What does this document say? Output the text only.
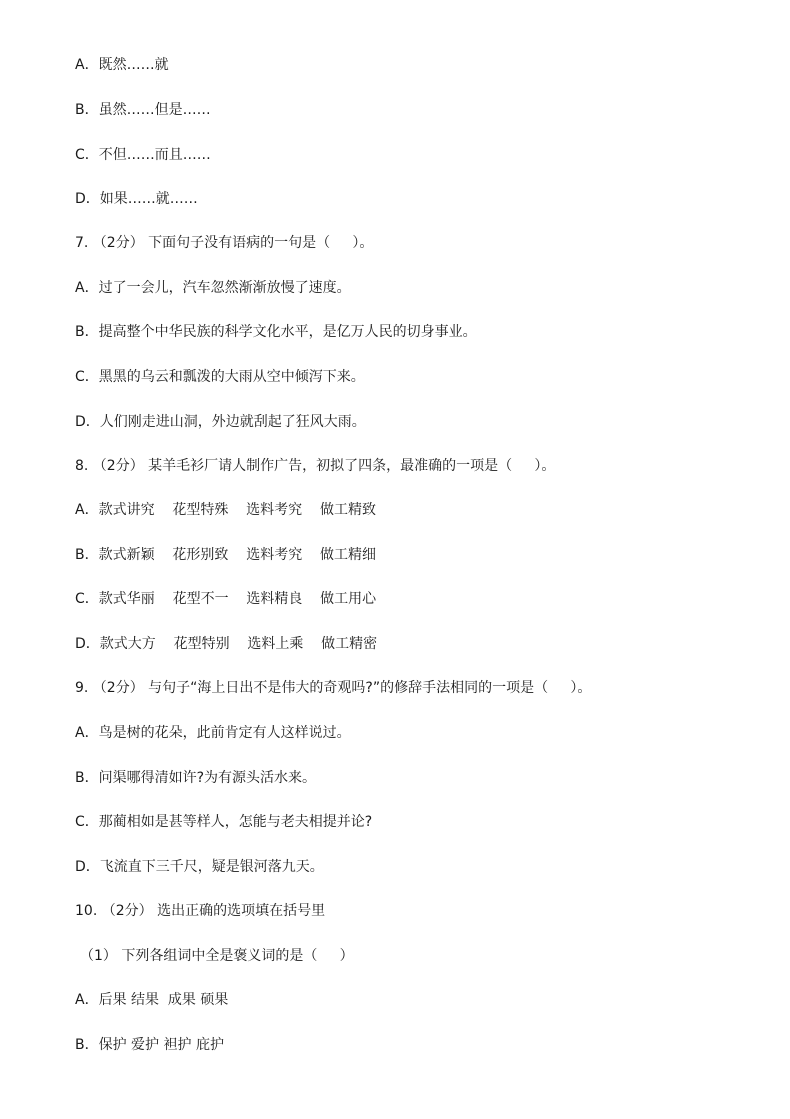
A．既然……就
B．虽然……但是……
C．不但……而且……
D．如果……就……
7. （2分） 下面句子没有语病的一句是（     ）。
A．过了一会儿，汽车忽然渐渐放慢了速度。
B．提高整个中华民族的科学文化水平，是亿万人民的切身事业。
C．黑黑的乌云和瓢泼的大雨从空中倾泻下来。
D．人们刚走进山洞，外边就刮起了狂风大雨。
8. （2分） 某羊毛衫厂请人制作广告，初拟了四条，最准确的一项是（     ）。
A．款式讲究    花型特殊    选料考究    做工精致
B．款式新颖    花形别致    选料考究    做工精细
C．款式华丽    花型不一    选料精良    做工用心
D．款式大方    花型特别    选料上乘    做工精密
9. （2分） 与句子“海上日出不是伟大的奇观吗?”的修辞手法相同的一项是（     ）。
A．鸟是树的花朵，此前肯定有人这样说过。
B．问渠哪得清如许?为有源头活水来。
C．那蔺相如是甚等样人，怎能与老夫相提并论?
D．飞流直下三千尺，疑是银河落九天。
10. （2分） 选出正确的选项填在括号里
（1） 下列各组词中全是褒义词的是（     ）
A．后果 结果  成果 硕果
B．保护 爱护 袒护 庇护
